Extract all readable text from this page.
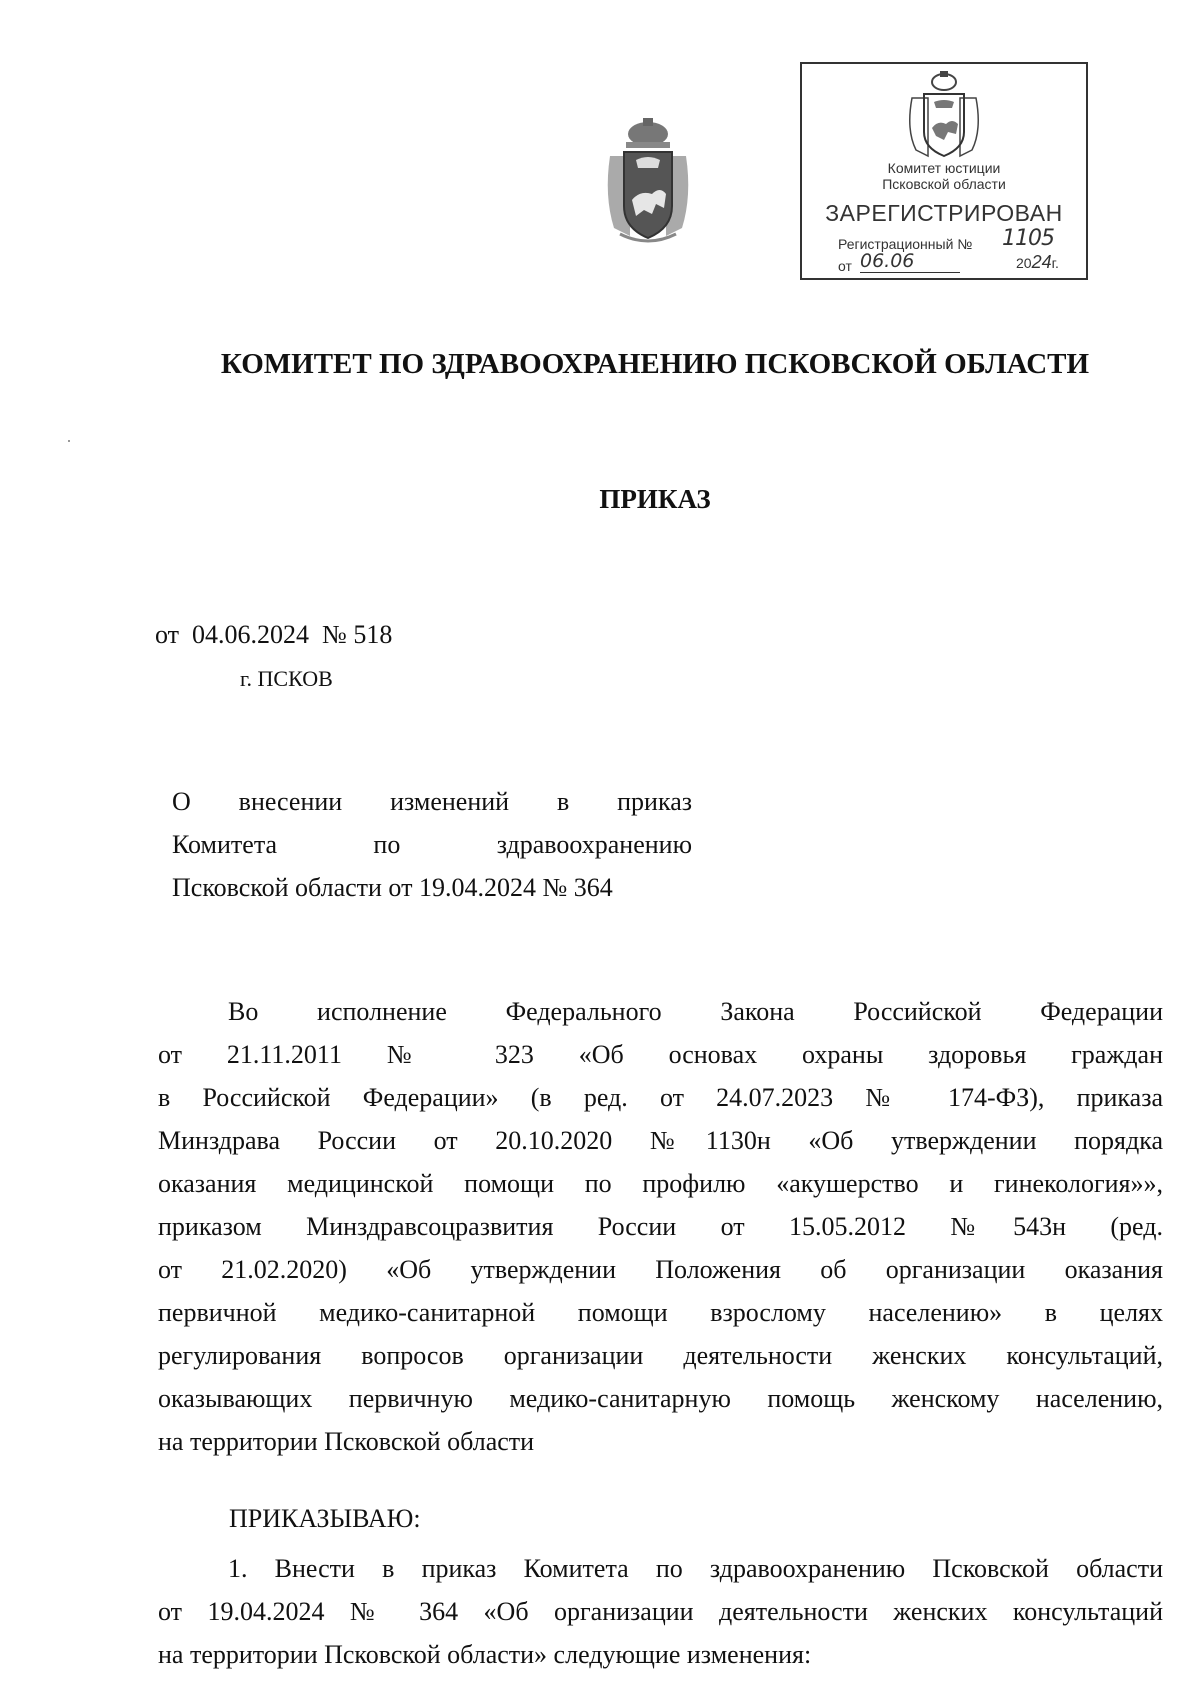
Комитет юстиции
Псковской области
ЗАРЕГИСТРИРОВАН
Регистрационный № 1105
от 06.06	2024г.
КОМИТЕТ ПО ЗДРАВООХРАНЕНИЮ ПСКОВСКОЙ ОБЛАСТИ
ПРИКАЗ
от  04.06.2024  № 518
г. ПСКОВ
О внесении изменений в приказ
Комитета по здравоохранению
Псковской области от 19.04.2024 № 364
Во исполнение Федерального Закона Российской Федерации
от 21.11.2011 № 323 «Об основах охраны здоровья граждан
в Российской Федерации» (в ред. от 24.07.2023 № 174-ФЗ), приказа
Минздрава России от 20.10.2020 №1130н «Об утверждении порядка
оказания медицинской помощи по профилю «акушерство и гинекология»»,
приказом Минздравсоцразвития России от 15.05.2012 №543н (ред.
от 21.02.2020) «Об утверждении Положения об организации оказания
первичной медико-санитарной помощи взрослому населению» в целях
регулирования вопросов организации деятельности женских консультаций,
оказывающих первичную медико-санитарную помощь женскому населению,
на территории Псковской области
ПРИКАЗЫВАЮ:
1. Внести в приказ Комитета по здравоохранению Псковской области
от 19.04.2024 № 364 «Об организации деятельности женских консультаций
на территории Псковской области» следующие изменения:
